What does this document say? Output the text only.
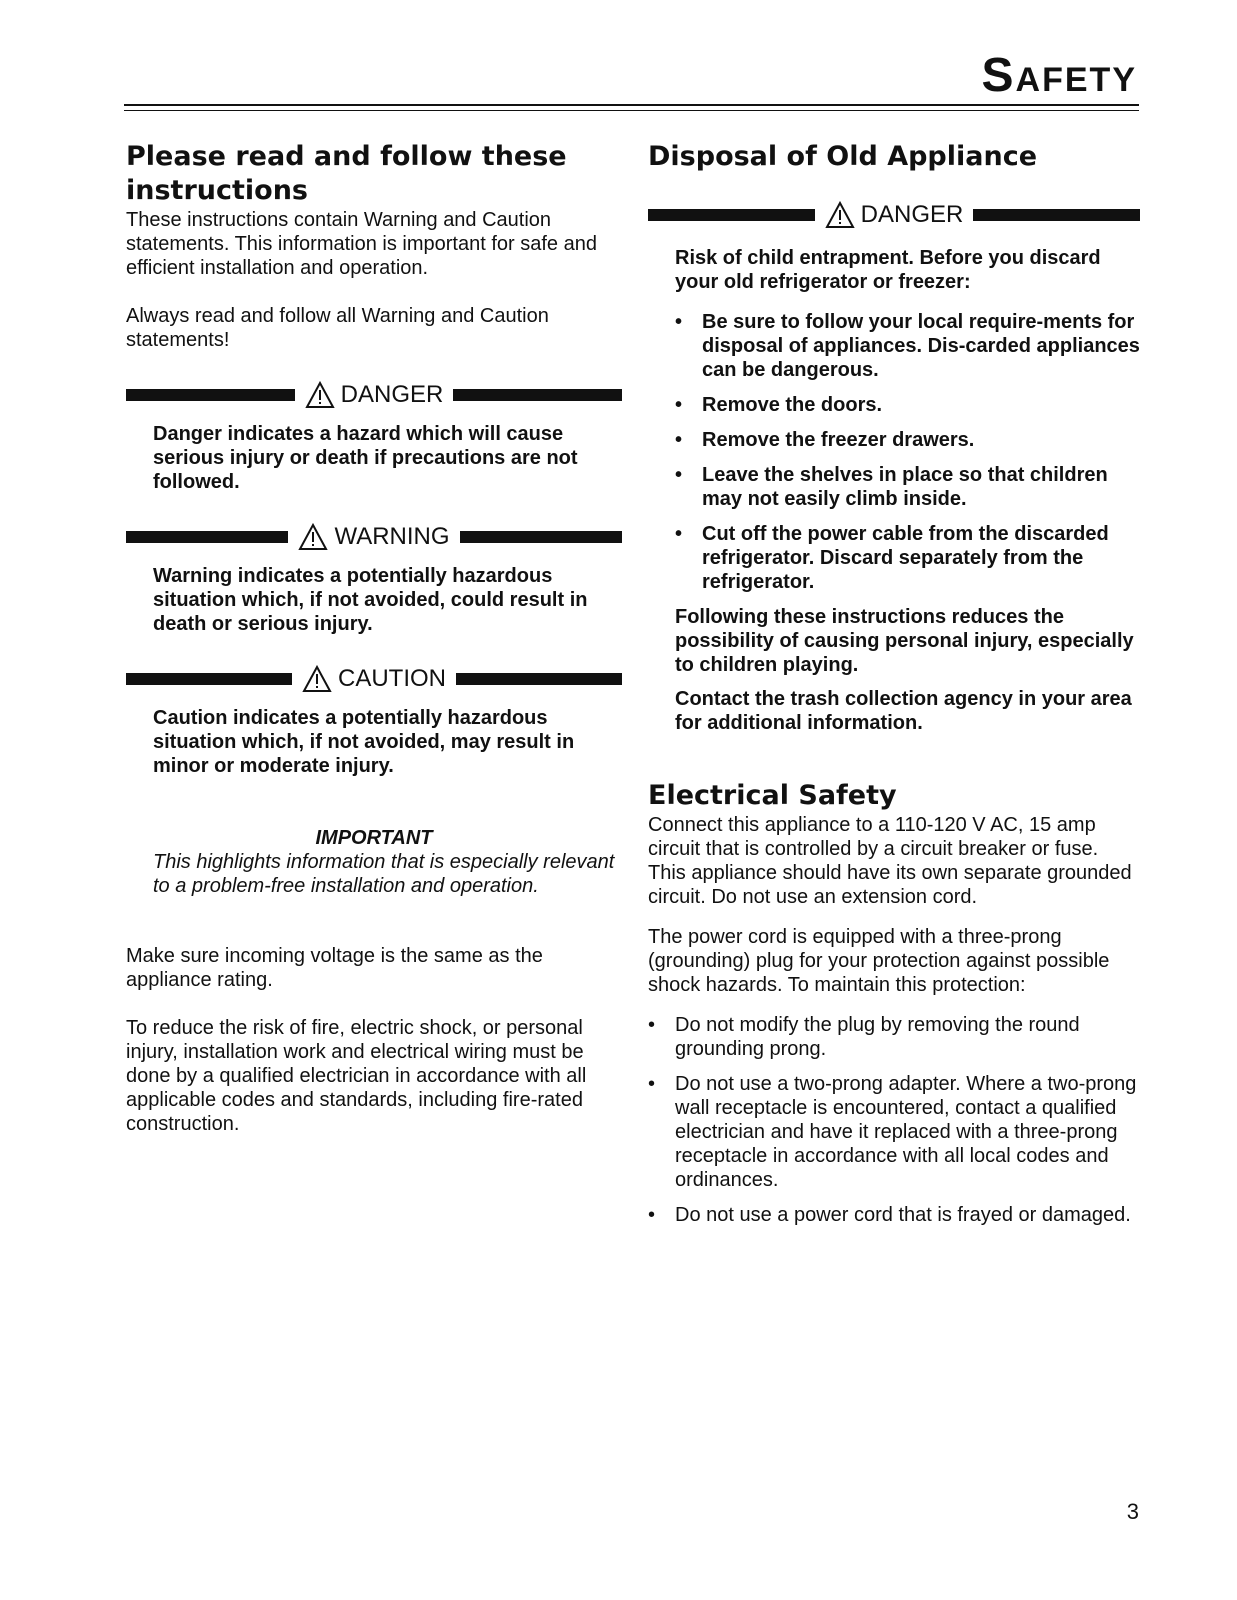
Safety
Please read and follow these instructions

These instructions contain Warning and Caution statements. This information is important for safe and efficient installation and operation.

Always read and follow all Warning and Caution statements!

DANGER

Danger indicates a hazard which will cause serious injury or death if precautions are not followed.

WARNING

Warning indicates a potentially hazardous situation which, if not avoided, could result in death or serious injury.

CAUTION

Caution indicates a potentially hazardous situation which, if not avoided, may result in minor or moderate injury.

IMPORTANT

This highlights information that is especially relevant to a problem-free installation and operation.

Make sure incoming voltage is the same as the appliance rating.

To reduce the risk of fire, electric shock, or personal injury, installation work and electrical wiring must be done by a qualified electrician in accordance with all applicable codes and standards, including fire-rated construction.

Disposal of Old Appliance
DANGER

Risk of child entrapment. Before you discard your old refrigerator or freezer:

• Be sure to follow your local require-ments for disposal of appliances. Dis-carded appliances can be dangerous.
• Remove the doors.
• Remove the freezer drawers.
• Leave the shelves in place so that children may not easily climb inside.
• Cut off the power cable from the discarded refrigerator. Discard separately from the refrigerator.

Following these instructions reduces the possibility of causing personal injury, especially to children playing.

Contact the trash collection agency in your area for additional information.

Electrical Safety

Connect this appliance to a 110-120 V AC, 15 amp circuit that is controlled by a circuit breaker or fuse. This appliance should have its own separate grounded circuit. Do not use an extension cord.

The power cord is equipped with a three-prong (grounding) plug for your protection against possible shock hazards. To maintain this protection:

• Do not modify the plug by removing the round grounding prong.
• Do not use a two-prong adapter. Where a two-prong wall receptacle is encountered, contact a qualified electrician and have it replaced with a three-prong receptacle in accordance with all local codes and ordinances.
• Do not use a power cord that is frayed or damaged.
3
